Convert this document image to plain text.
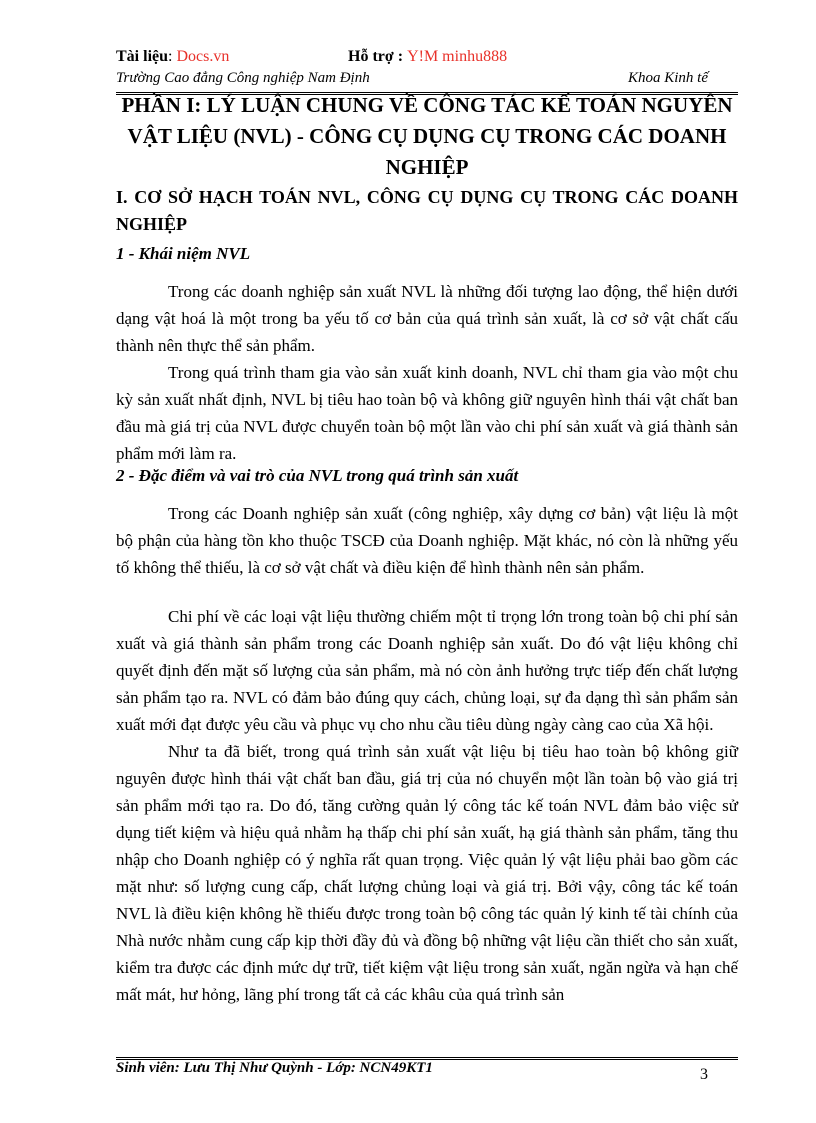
Tài liệu: Docs.vn	Hỗ trợ : Y!M minhu888
Trường Cao đẳng Công nghiệp Nam Định	Khoa Kinh tế
PHẦN I: LÝ LUẬN CHUNG VỀ CÔNG TÁC KẾ TOÁN NGUYÊN VẬT LIỆU (NVL) - CÔNG CỤ DỤNG CỤ TRONG CÁC DOANH NGHIỆP
I. CƠ SỞ HẠCH TOÁN NVL, CÔNG CỤ DỤNG CỤ TRONG CÁC DOANH NGHIỆP
1 - Khái niệm NVL
Trong các doanh nghiệp sản xuất NVL là những đối tượng lao động, thể hiện dưới dạng vật hoá là một trong ba yếu tố cơ bản của quá trình sản xuất, là cơ sở vật chất cấu thành nên thực thể sản phẩm.
Trong quá trình tham gia vào sản xuất kinh doanh, NVL chỉ tham gia vào một chu kỳ sản xuất nhất định, NVL bị tiêu hao toàn bộ và không giữ nguyên hình thái vật chất ban đầu mà giá trị của NVL được chuyển toàn bộ một lần vào chi phí sản xuất và giá thành sản phẩm mới làm ra.
2 - Đặc điểm và vai trò của NVL trong quá trình sản xuất
Trong các Doanh nghiệp sản xuất (công nghiệp, xây dựng cơ bản) vật liệu là một bộ phận của hàng tồn kho thuộc TSCĐ của Doanh nghiệp. Mặt khác, nó còn là những yếu tố không thể thiếu, là cơ sở vật chất và điều kiện để hình thành nên sản phẩm.
Chi phí về các loại vật liệu thường chiếm một tỉ trọng lớn trong toàn bộ chi phí sản xuất và giá thành sản phẩm trong các Doanh nghiệp sản xuất. Do đó vật liệu không chỉ quyết định đến mặt số lượng của sản phẩm, mà nó còn ảnh hưởng trực tiếp đến chất lượng sản phẩm tạo ra. NVL có đảm bảo đúng quy cách, chủng loại, sự đa dạng thì sản phẩm sản xuất mới đạt được yêu cầu và phục vụ cho nhu cầu tiêu dùng ngày càng cao của Xã hội.
Như ta đã biết, trong quá trình sản xuất vật liệu bị tiêu hao toàn bộ không giữ nguyên được hình thái vật chất ban đầu, giá trị của nó chuyển một lần toàn bộ vào giá trị sản phẩm mới tạo ra. Do đó, tăng cường quản lý công tác kế toán NVL đảm bảo việc sử dụng tiết kiệm và hiệu quả nhằm hạ thấp chi phí sản xuất, hạ giá thành sản phẩm, tăng thu nhập cho Doanh nghiệp có ý nghĩa rất quan trọng. Việc quản lý vật liệu phải bao gồm các mặt như: số lượng cung cấp, chất lượng chủng loại và giá trị. Bởi vậy, công tác kế toán NVL là điều kiện không hề thiếu được trong toàn bộ công tác quản lý kinh tế tài chính của Nhà nước nhằm cung cấp kịp thời đầy đủ và đồng bộ những vật liệu cần thiết cho sản xuất, kiểm tra được các định mức dự trữ, tiết kiệm vật liệu trong sản xuất, ngăn ngừa và hạn chế mất mát, hư hỏng, lãng phí trong tất cả các khâu của quá trình sản
Sinh viên: Lưu Thị Như Quỳnh - Lớp: NCN49KT1	3
